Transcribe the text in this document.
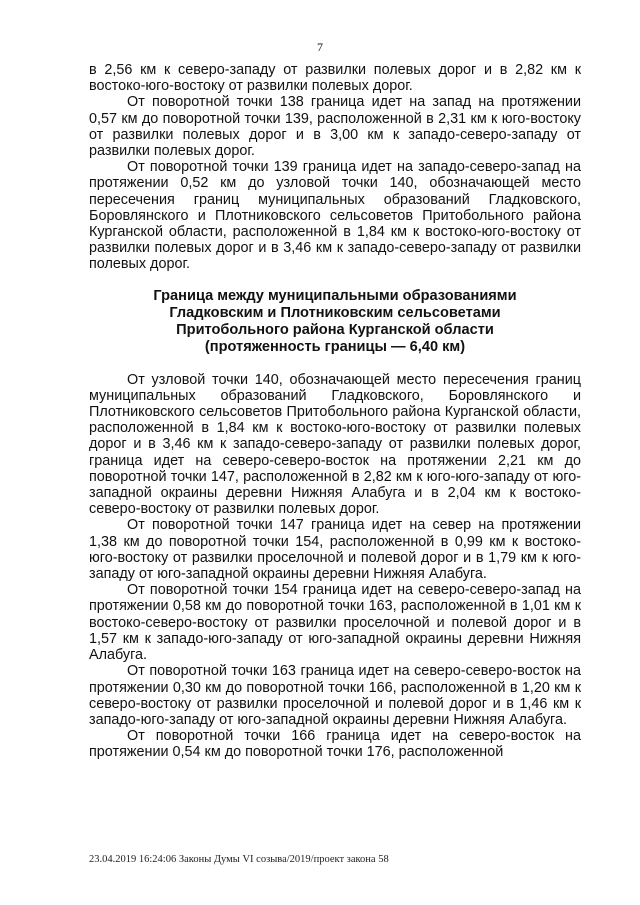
7

в 2,56 км к северо-западу от развилки полевых дорог и в 2,82 км к востоко-юго-востоку от развилки полевых дорог.

От поворотной точки 138 граница идет на запад на протяжении 0,57 км до поворотной точки 139, расположенной в 2,31 км к юго-востоку от развилки полевых дорог и в 3,00 км к западо-северо-западу от развилки полевых дорог.

От поворотной точки 139 граница идет на западо-северо-запад на протяжении 0,52 км до узловой точки 140, обозначающей место пересечения границ муниципальных образований Гладковского, Боровлянского и Плотниковского сельсоветов Притобольного района Курганской области, расположенной в 1,84 км к востоко-юго-востоку от развилки полевых дорог и в 3,46 км к западо-северо-западу от развилки полевых дорог.

Граница между муниципальными образованиями
Гладковским и Плотниковским сельсоветами
Притобольного района Курганской области
(протяженность границы — 6,40 км)

От узловой точки 140, обозначающей место пересечения границ муниципальных образований Гладковского, Боровлянского и Плотниковского сельсоветов Притобольного района Курганской области, расположенной в 1,84 км к востоко-юго-востоку от развилки полевых дорог и в 3,46 км к западо-северо-западу от развилки полевых дорог, граница идет на северо-северо-восток на протяжении 2,21 км до поворотной точки 147, расположенной в 2,82 км к юго-юго-западу от юго-западной окраины деревни Нижняя Алабуга и в 2,04 км к востоко-северо-востоку от развилки полевых дорог.

От поворотной точки 147 граница идет на север на протяжении 1,38 км до поворотной точки 154, расположенной в 0,99 км к востоко-юго-востоку от развилки проселочной и полевой дорог и в 1,79 км к юго-западу от юго-западной окраины деревни Нижняя Алабуга.

От поворотной точки 154 граница идет на северо-северо-запад на протяжении 0,58 км до поворотной точки 163, расположенной в 1,01 км к востоко-северо-востоку от развилки проселочной и полевой дорог и в 1,57 км к западо-юго-западу от юго-западной окраины деревни Нижняя Алабуга.

От поворотной точки 163 граница идет на северо-северо-восток на протяжении 0,30 км до поворотной точки 166, расположенной в 1,20 км к северо-востоку от развилки проселочной и полевой дорог и в 1,46 км к западо-юго-западу от юго-западной окраины деревни Нижняя Алабуга.

От поворотной точки 166 граница идет на северо-восток на протяжении 0,54 км до поворотной точки 176, расположенной

23.04.2019 16:24:06 Законы Думы VI созыва/2019/проект закона 58
